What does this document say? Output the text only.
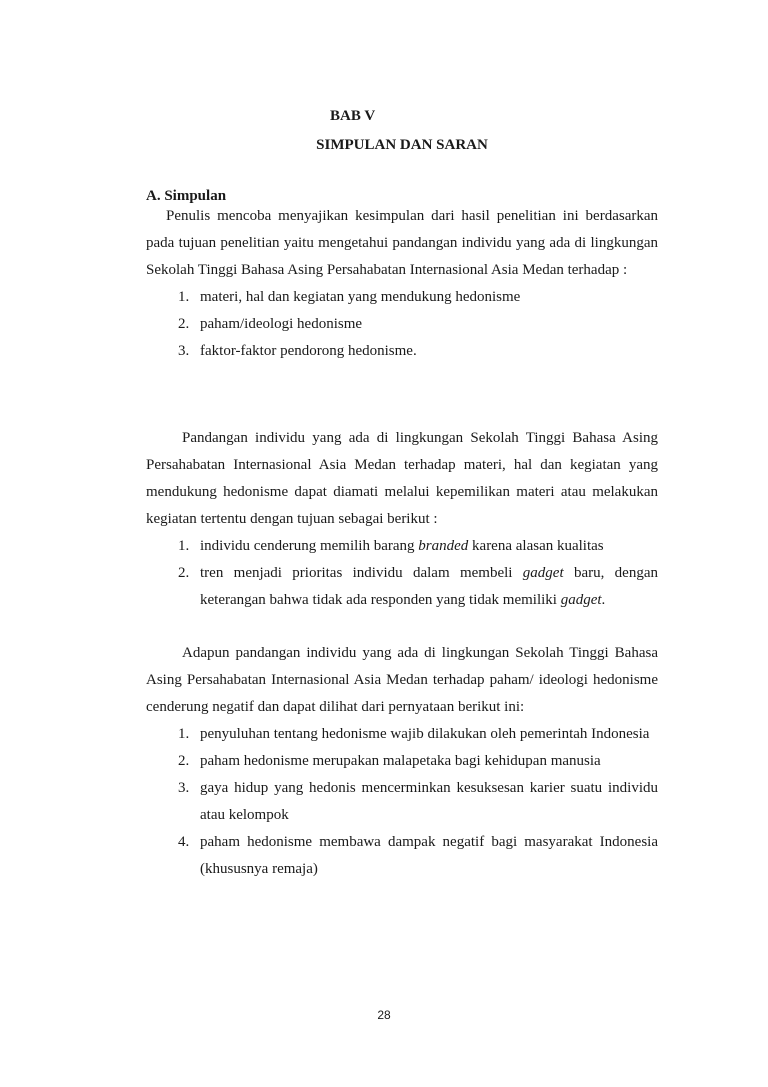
BAB V
SIMPULAN DAN SARAN
A. Simpulan

Penulis mencoba menyajikan kesimpulan dari hasil penelitian ini berdasarkan pada tujuan penelitian yaitu mengetahui pandangan individu yang ada di lingkungan Sekolah Tinggi Bahasa Asing Persahabatan Internasional Asia Medan terhadap :

1. materi, hal dan kegiatan yang mendukung hedonisme
2. paham/ideologi hedonisme
3. faktor-faktor pendorong hedonisme.

Pandangan individu yang ada di lingkungan Sekolah Tinggi Bahasa Asing Persahabatan Internasional Asia Medan terhadap materi, hal dan kegiatan yang mendukung hedonisme dapat diamati melalui kepemilikan materi atau melakukan kegiatan tertentu dengan tujuan sebagai berikut :

1. individu cenderung memilih barang branded karena alasan kualitas
2. tren menjadi prioritas individu dalam membeli gadget baru, dengan keterangan bahwa tidak ada responden yang tidak memiliki gadget.

Adapun pandangan individu yang ada di lingkungan Sekolah Tinggi Bahasa Asing Persahabatan Internasional Asia Medan terhadap paham/ ideologi hedonisme cenderung negatif dan dapat dilihat dari pernyataan berikut ini:

1. penyuluhan tentang hedonisme wajib dilakukan oleh pemerintah Indonesia
2. paham hedonisme merupakan malapetaka bagi kehidupan manusia
3. gaya hidup yang hedonis mencerminkan kesuksesan karier suatu individu atau kelompok
4. paham hedonisme membawa dampak negatif bagi masyarakat Indonesia (khususnya remaja)
28
